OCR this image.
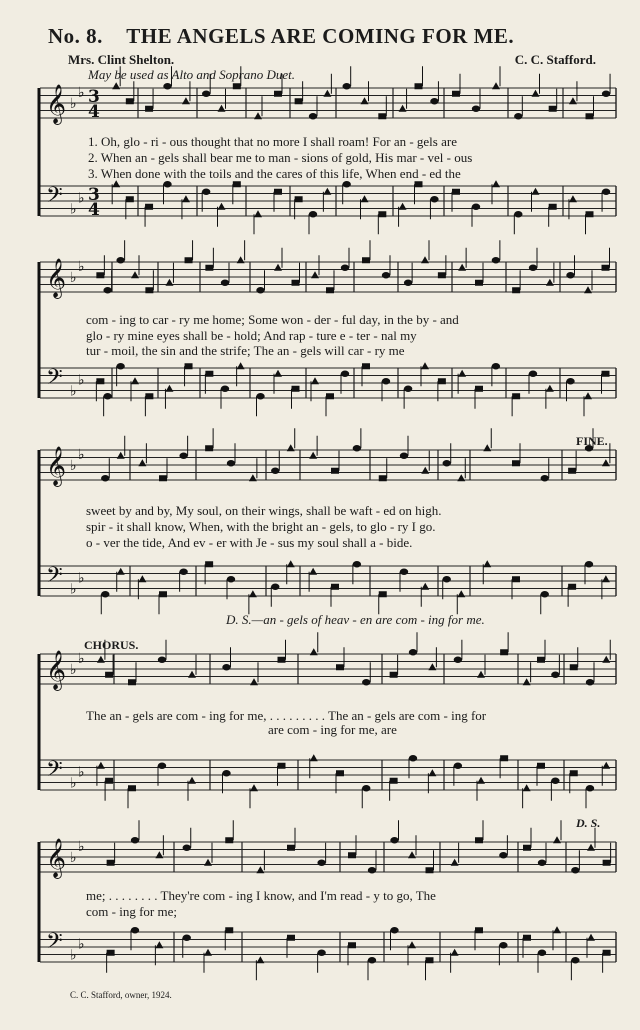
No. 8. THE ANGELS ARE COMING FOR ME.
Mrs. Clint Shelton.	C. C. Stafford.
May be used as Alto and Soprano Duet.
𝄞 ♭
♭ 3
4
𝄢 ♭
♭ 3
4
𝄞 ♭
♭
𝄢 ♭
♭
𝄞 ♭
♭
𝄢 ♭
♭
𝄞 ♭
♭
𝄢 ♭
♭
𝄞 ♭
♭
𝄢 ♭
♭
1. Oh, glo - ri - ous thought that no more I shall roam! For an - gels are
2. When an - gels shall bear me to man - sions of gold, His mar - vel - ous
3. When done with the toils and the cares of this life, When end - ed the
com - ing to car - ry me home; Some won - der - ful day, in the by - and
glo - ry mine eyes shall be - hold; And rap - ture e - ter - nal my
tur - moil, the sin and the strife; The an - gels will car - ry me
FINE.
sweet by and by, My soul, on their wings, shall be waft - ed on high.
spir - it shall know, When, with the bright an - gels, to glo - ry I go.
o - ver the tide, And ev - er with Je - sus my soul shall a - bide.
D. S.—an - gels of heav - en are com - ing for me.
CHORUS.
The an - gels are com - ing for me, . . . . . . . . . The an - gels are com - ing for
are com - ing for me, are
D. S.
me; . . . . . . . . They're com - ing I know, and I'm read - y to go, The
com - ing for me;
C. C. Stafford, owner, 1924.
